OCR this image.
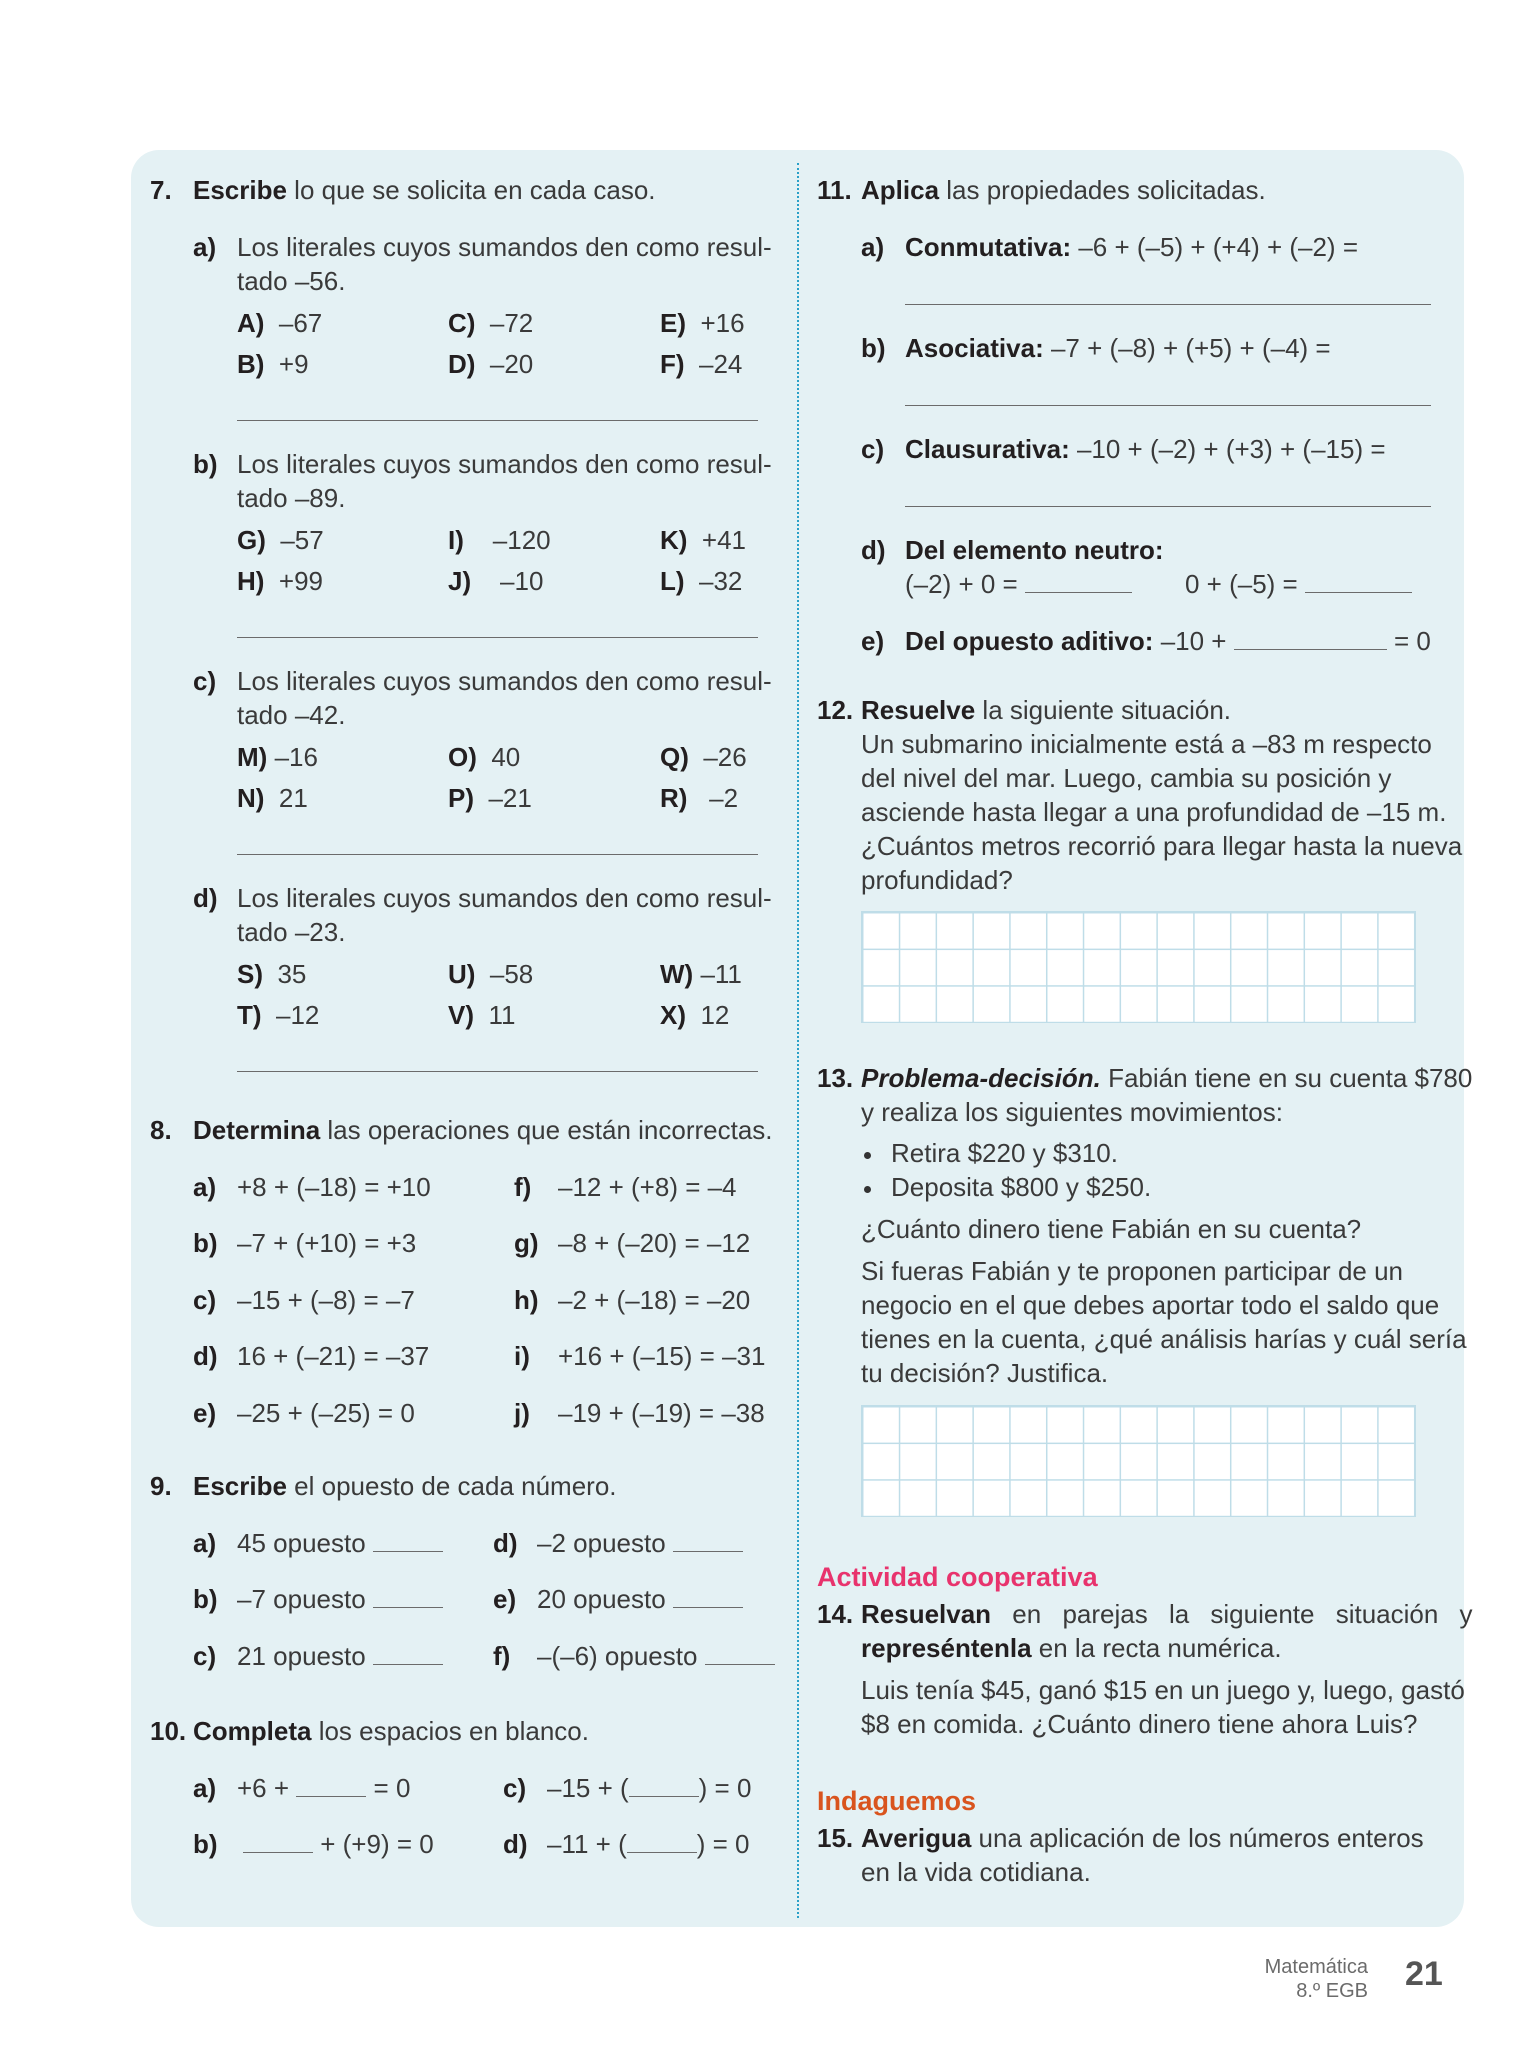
7. Escribe lo que se solicita en cada caso.
a) Los literales cuyos sumandos den como resul-
tado –56.
A) –67	C) –72	E) +16
B) +9	D) –20	F) –24
b) Los literales cuyos sumandos den como resul-
tado –89.
G) –57	I) –120	K) +41
H) +99	J) –10	L) –32
c) Los literales cuyos sumandos den como resul-
tado –42.
M) –16	O) 40	Q) –26
N) 21	P) –21	R) –2
d) Los literales cuyos sumandos den como resul-
tado –23.
S) 35	U) –58	W) –11
T) –12	V) 11	X) 12
8. Determina las operaciones que están incorrectas.
a) +8 + (–18) = +10	f) –12 + (+8) = –4
b) –7 + (+10) = +3	g) –8 + (–20) = –12
c) –15 + (–8) = –7	h) –2 + (–18) = –20
d) 16 + (–21) = –37	i) +16 + (–15) = –31
e) –25 + (–25) = 0	j) –19 + (–19) = –38
9. Escribe el opuesto de cada número.
a) 45 opuesto	d) –2 opuesto
b) –7 opuesto	e) 20 opuesto
c) 21 opuesto	f) –(–6) opuesto
10. Completa los espacios en blanco.
a) +6 +	= 0	c) –15 + (	) = 0
b)	+ (+9) = 0	d) –11 + (	) = 0
11. Aplica las propiedades solicitadas.
a) Conmutativa: –6 + (–5) + (+4) + (–2) =
b) Asociativa: –7 + (–8) + (+5) + (–4) =
c) Clausurativa: –10 + (–2) + (+3) + (–15) =
d) Del elemento neutro:
(–2) + 0 =	0 + (–5) =
e) Del opuesto aditivo: –10 +	= 0
12. Resuelve la siguiente situación.
Un submarino inicialmente está a –83 m respecto
del nivel del mar. Luego, cambia su posición y
asciende hasta llegar a una profundidad de –15 m.
¿Cuántos metros recorrió para llegar hasta la nueva
profundidad?
13. Problema-decisión. Fabián tiene en su cuenta $780
y realiza los siguientes movimientos:
Retira $220 y $310.
Deposita $800 y $250.
¿Cuánto dinero tiene Fabián en su cuenta?
Si fueras Fabián y te proponen participar de un
negocio en el que debes aportar todo el saldo que
tienes en la cuenta, ¿qué análisis harías y cuál sería
tu decisión? Justifica.
Actividad cooperativa
14. Resuelvan en parejas la siguiente situación y
represéntenla en la recta numérica.
Luis tenía $45, ganó $15 en un juego y, luego, gastó
$8 en comida. ¿Cuánto dinero tiene ahora Luis?
Indaguemos
15. Averigua una aplicación de los números enteros
en la vida cotidiana.
Matemática
8.º EGB 21
